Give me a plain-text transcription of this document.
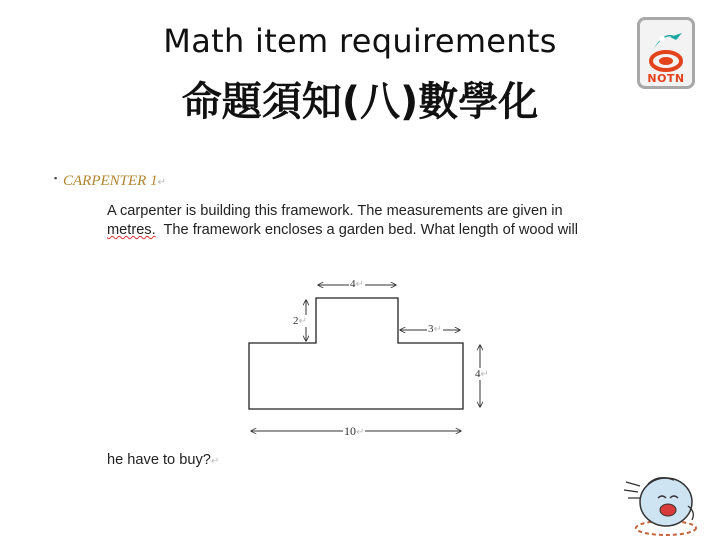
Math item requirements
命題須知(八)數學化
NOTN
▪ CARPENTER 1↵
A carpenter is building this framework. The measurements are given in
metres. The framework encloses a garden bed. What length of wood will
4↵
2↵
3↵
4↵
10↵
he have to buy?↵
